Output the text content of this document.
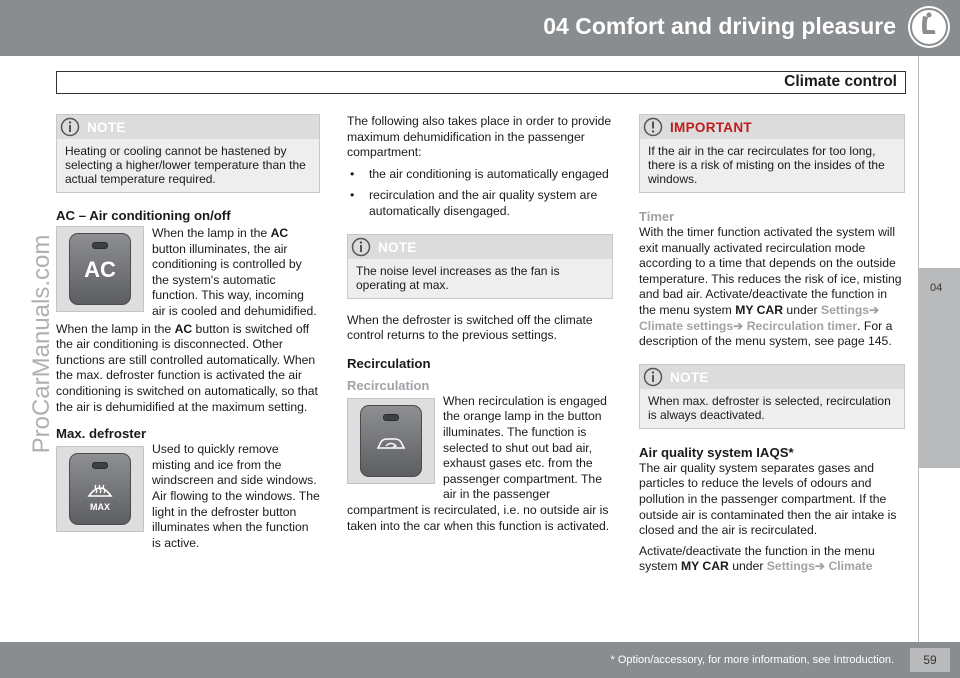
04 Comfort and driving pleasure
Climate control
04
ProCarManuals.com
NOTE
Heating or cooling cannot be hastened by selecting a higher/lower temperature than the actual temperature required.
AC – Air conditioning on/off
AC

When the lamp in the AC button illuminates, the air conditioning is controlled by the system's automatic function. This way, incoming air is cooled and dehumidified.

When the lamp in the AC button is switched off the air conditioning is disconnected. Other functions are still controlled automatically. When the max. defroster function is activated the air conditioning is switched on automatically, so that the air is dehumidified at the maximum setting.

Max. defroster
MAX

Used to quickly remove misting and ice from the windscreen and side windows. Air flowing to the windows. The light in the defroster button illuminates when the function is active.

The following also takes place in order to provide maximum dehumidification in the passenger compartment:

• the air conditioning is automatically engaged
• recirculation and the air quality system are automatically disengaged.
NOTE
The noise level increases as the fan is operating at max.

When the defroster is switched off the climate control returns to the previous settings.

Recirculation
Recirculation

When recirculation is engaged the orange lamp in the button illuminates. The function is selected to shut out bad air, exhaust gases etc. from the passenger compartment. The air in the passenger compartment is recirculated, i.e. no outside air is taken into the car when this function is activated.

IMPORTANT
If the air in the car recirculates for too long, there is a risk of misting on the insides of the windows.
Timer

With the timer function activated the system will exit manually activated recirculation mode according to a time that depends on the outside temperature. This reduces the risk of ice, misting and bad air. Activate/deactivate the function in the menu system MY CAR under Settings➔ Climate settings➔ Recirculation timer. For a description of the menu system, see page 145.

NOTE
When max. defroster is selected, recirculation is always deactivated.
Air quality system IAQS*

The air quality system separates gases and particles to reduce the levels of odours and pollution in the passenger compartment. If the outside air is contaminated then the air intake is closed and the air is recirculated.

Activate/deactivate the function in the menu system MY CAR under Settings➔ Climate

* Option/accessory, for more information, see Introduction.	59
